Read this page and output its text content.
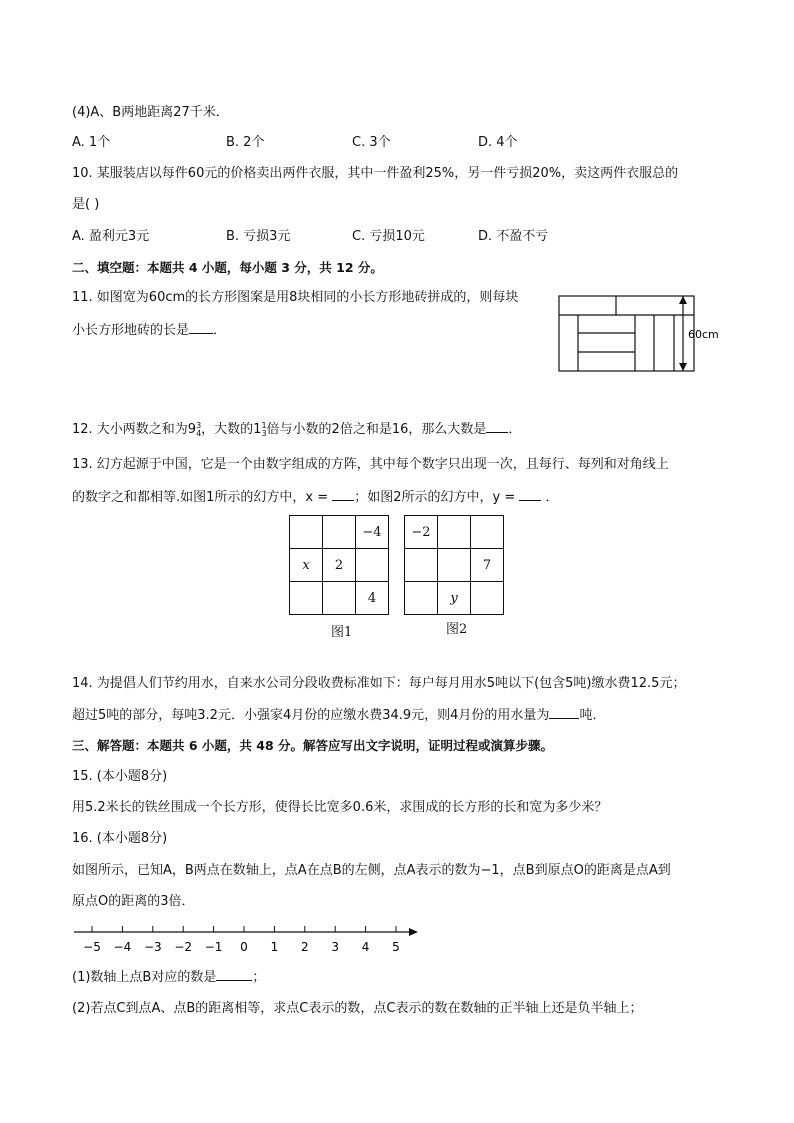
(4)A、B两地距离27千米．
A. 1个	B. 2个	C. 3个	D. 4个
10. 某服装店以每件60元的价格卖出两件衣服，其中一件盈利25%，另一件亏损20%，卖这两件衣服总的
是( )
A. 盈利元3元	B. 亏损3元	C. 亏损10元	D. 不盈不亏
二、填空题：本题共 4 小题，每小题 3 分，共 12 分。
11. 如图宽为60cm的长方形图案是用8块相同的小长方形地砖拼成的，则每块
小长方形地砖的长是 ．	60cm
12. 大小两数之和为9 3
4 ，大数的1 1
3 倍与小数的2倍之和是16，那么大数是 ．
13. 幻方起源于中国，它是一个由数字组成的方阵，其中每个数字只出现一次，且每行、每列和对角线上
的数字之和都相等.如图1所示的幻方中，x = ；如图2所示的幻方中，y = ．
		−4
x	2	
		4
−2		
		7
	y	
图1	图2
14. 为提倡人们节约用水，自来水公司分段收费标准如下：每户每月用水5吨以下(包含5吨)缴水费12.5元；
超过5吨的部分，每吨3.2元．小强家4月份的应缴水费34.9元，则4月份的用水量为 吨．
三、解答题：本题共 6 小题，共 48 分。解答应写出文字说明，证明过程或演算步骤。
15. (本小题8分)
用5.2米长的铁丝围成一个长方形，使得长比宽多0.6米，求围成的长方形的长和宽为多少米？
16. (本小题8分)
如图所示，已知A，B两点在数轴上，点A在点B的左侧，点A表示的数为−1，点B到原点O的距离是点A到
原点O的距离的3倍．
−5 −4 −3 −2 −1 0 1 2 3 4 5
(1)数轴上点B对应的数是	；
(2)若点C到点A、点B的距离相等，求点C表示的数，点C表示的数在数轴的正半轴上还是负半轴上；
